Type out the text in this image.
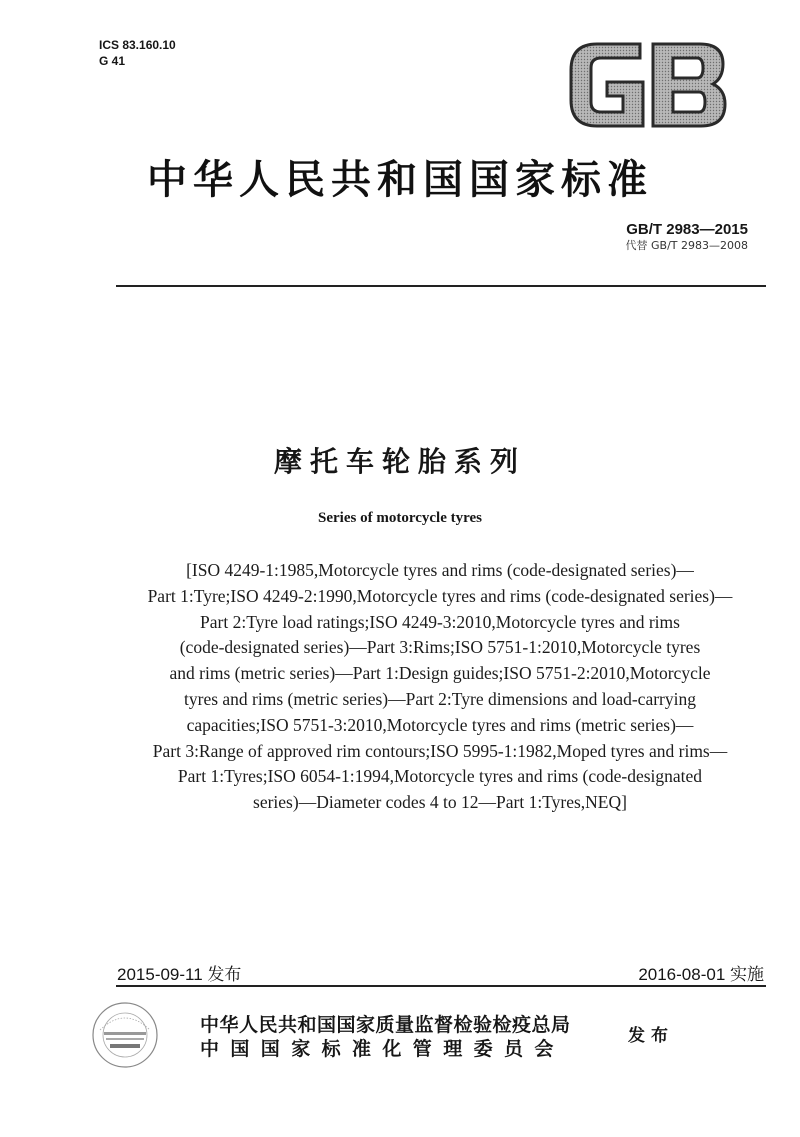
ICS 83.160.10
G 41
中华人民共和国国家标准
GB/T 2983—2015
代替 GB/T 2983—2008
摩托车轮胎系列
Series of motorcycle tyres
[ISO 4249-1:1985,Motorcycle tyres and rims (code-designated series)—
Part 1:Tyre;ISO 4249-2:1990,Motorcycle tyres and rims (code-designated series)—
Part 2:Tyre load ratings;ISO 4249-3:2010,Motorcycle tyres and rims
(code-designated series)—Part 3:Rims;ISO 5751-1:2010,Motorcycle tyres
and rims (metric series)—Part 1:Design guides;ISO 5751-2:2010,Motorcycle
tyres and rims (metric series)—Part 2:Tyre dimensions and load-carrying
capacities;ISO 5751-3:2010,Motorcycle tyres and rims (metric series)—
Part 3:Range of approved rim contours;ISO 5995-1:1982,Moped tyres and rims—
Part 1:Tyres;ISO 6054-1:1994,Motorcycle tyres and rims (code-designated
series)—Diameter codes 4 to 12—Part 1:Tyres,NEQ]
2015-09-11 发布	2016-08-01 实施
中华人民共和国国家质量监督检验检疫总局
中国国家标准化管理委员会
发布
